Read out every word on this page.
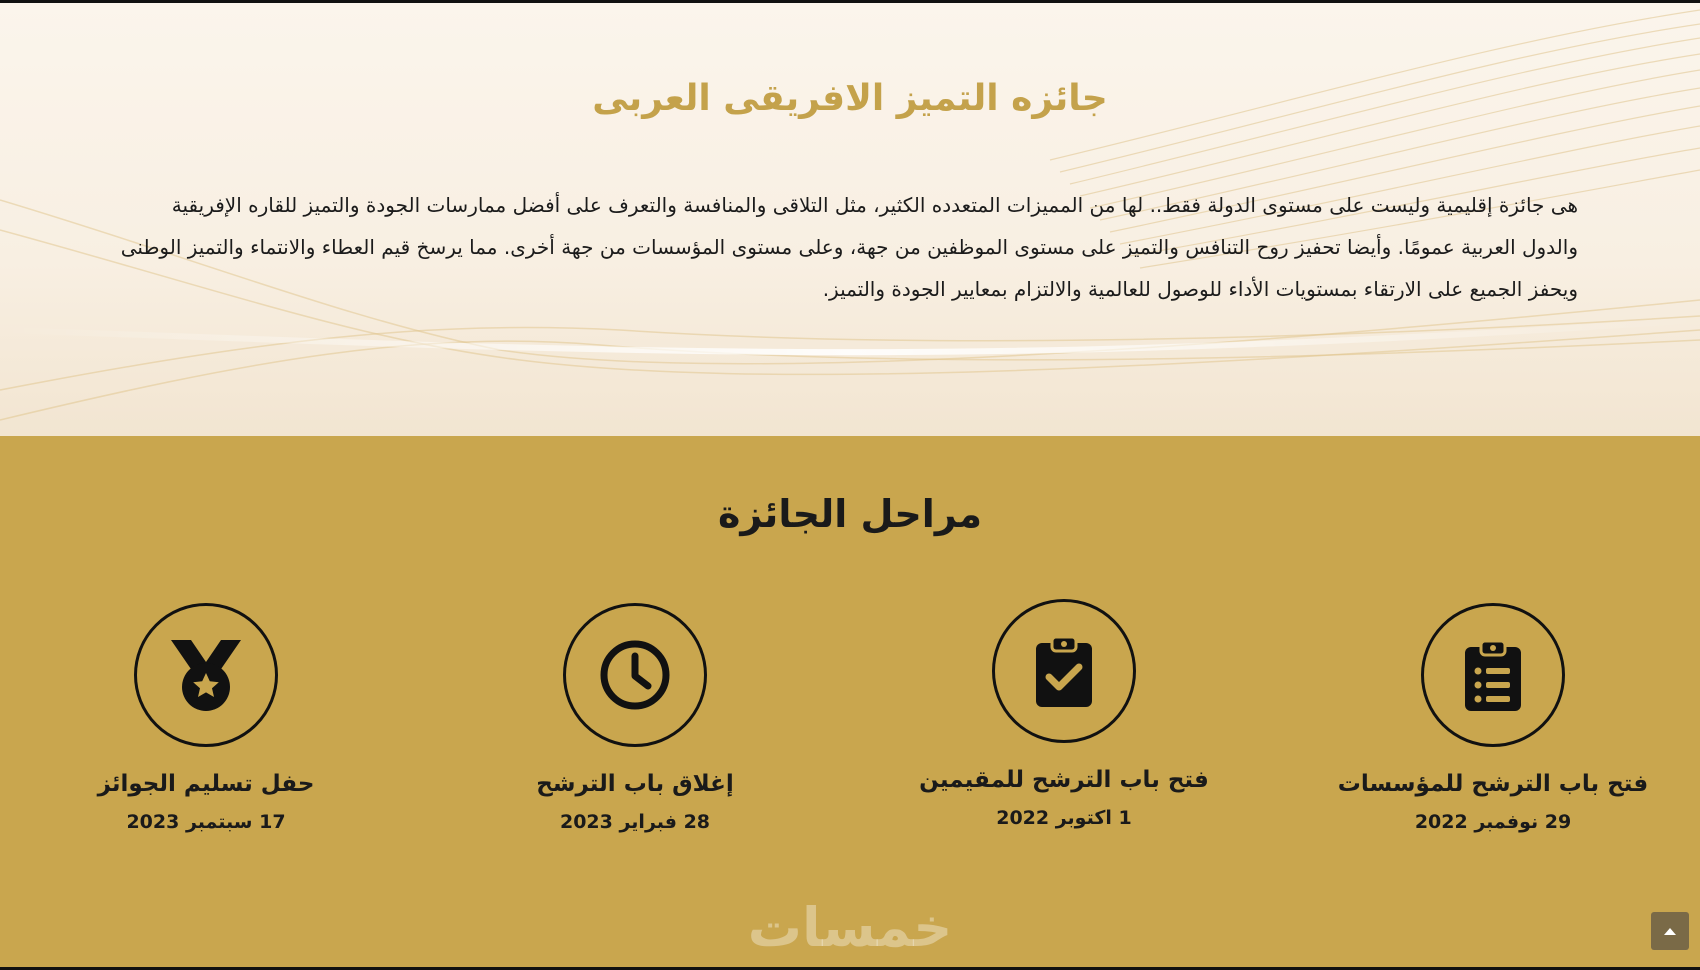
جائزه التميز الافريقى العربى
هى جائزة إقليمية وليست على مستوى الدولة فقط.. لها من المميزات المتعدده الكثير، مثل التلاقى والمنافسة والتعرف على أفضل ممارسات الجودة والتميز للقاره الإفريقية والدول العربية عمومًا. وأيضا تحفيز روح التنافس والتميز على مستوى الموظفين من جهة، وعلى مستوى المؤسسات من جهة أخرى. مما يرسخ قيم العطاء والانتماء والتميز الوطنى ويحفز الجميع على الارتقاء بمستويات الأداء للوصول للعالمية والالتزام بمعايير الجودة والتميز.
مراحل الجائزة
فتح باب الترشح للمؤسسات
29 نوفمبر 2022
فتح باب الترشح للمقيمين
1 اكتوبر 2022
إغلاق باب الترشح
28 فبراير 2023
حفل تسليم الجوائز
17 سبتمبر 2023
خمسات
